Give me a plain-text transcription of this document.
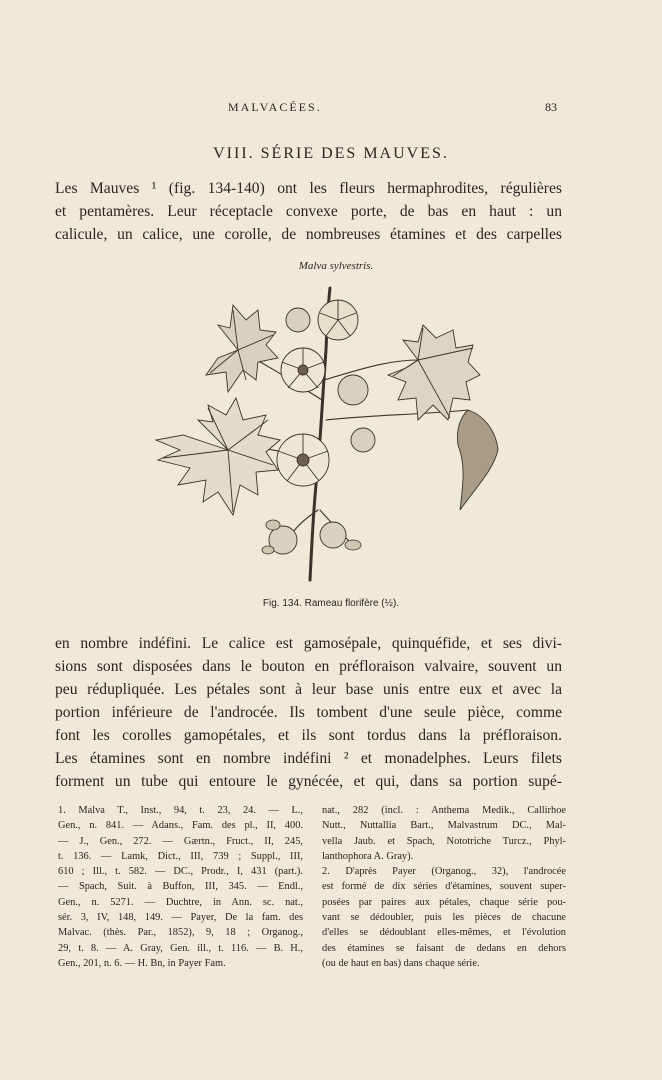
MALVACÉES.	83
VIII. SÉRIE DES MAUVES.
Les Mauves ¹ (fig. 134-140) ont les fleurs hermaphrodites, régulières
et pentamères. Leur réceptacle convexe porte, de bas en haut : un
calicule, un calice, une corolle, de nombreuses étamines et des carpelles
Malva sylvestris.
Fig. 134. Rameau florifère (½).
en nombre indéfini. Le calice est gamosépale, quinquéfide, et ses divi-
sions sont disposées dans le bouton en préfloraison valvaire, souvent un
peu rédupliquée. Les pétales sont à leur base unis entre eux et avec la
portion inférieure de l'androcée. Ils tombent d'une seule pièce, comme
font les corolles gamopétales, et ils sont tordus dans la préfloraison.
Les étamines sont en nombre indéfini ² et monadelphes. Leurs filets
forment un tube qui entoure le gynécée, et qui, dans sa portion supé-
1. Malva T., Inst., 94, t. 23, 24. — L.,
Gen., n. 841. — Adans., Fam. des pl., II, 400.
— J., Gen., 272. — Gærtn., Fruct., II, 245,
t. 136. — Lamk, Dict., III, 739 ; Suppl., III,
610 ; Ill., t. 582. — DC., Prodr., I, 431 (part.).
— Spach, Suit. à Buffon, III, 345. — Endl.,
Gen., n. 5271. — Duchtre, in Ann. sc. nat.,
sér. 3, IV, 148, 149. — Payer, De la fam. des
Malvac. (thès. Par., 1852), 9, 18 ; Organog.,
29, t. 8. — A. Gray, Gen. ill., t. 116. — B. H.,
Gen., 201, n. 6. — H. Bn, in Payer Fam.
nat., 282 (incl. : Anthema Medik., Callirhoe
Nutt., Nuttallia Bart., Malvastrum DC., Mal-
vella Jaub. et Spach, Nototriche Turcz., Phyl-
lanthophora A. Gray).
2. D'après Payer (Organog., 32), l'androcée
est formé de dix séries d'étamines, souvent super-
posées par paires aux pétales, chaque série pou-
vant se dédoubler, puis les pièces de chacune
d'elles se dédoublant elles-mêmes, et l'évolution
des étamines se faisant de dedans en dehors
(ou de haut en bas) dans chaque série.
